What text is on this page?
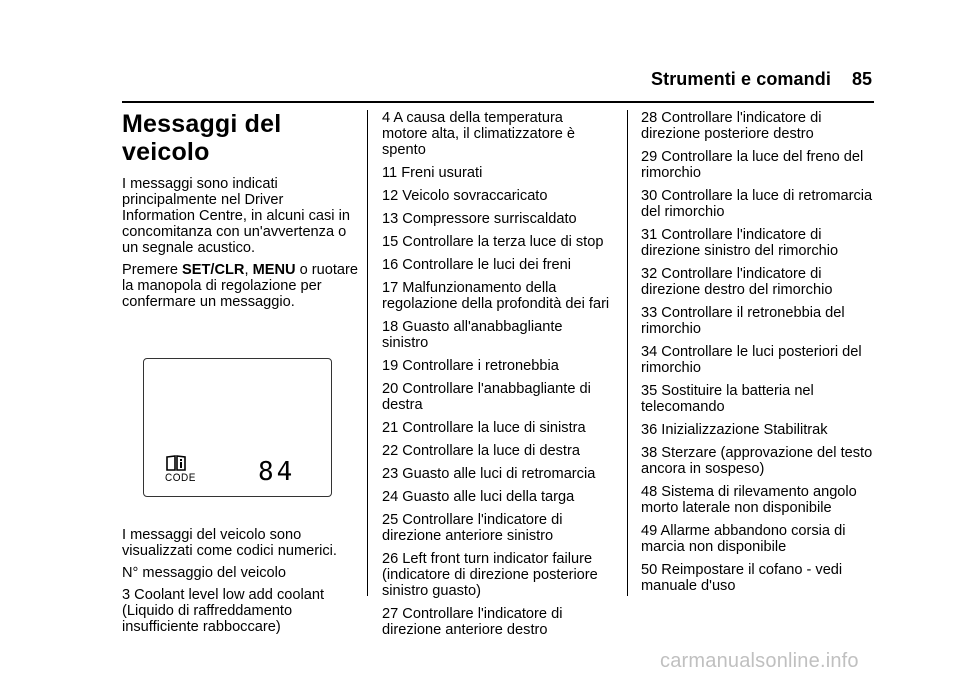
Strumenti e comandi 85
Messaggi del veicolo

I messaggi sono indicati principalmente nel Driver Information Centre, in alcuni casi in concomitanza con un'avvertenza o un segnale acustico.

Premere SET/CLR, MENU o ruotare la manopola di regolazione per confermare un messaggio.

CODE 84

I messaggi del veicolo sono visualizzati come codici numerici.

N° messaggio del veicolo

3 Coolant level low add coolant (Liquido di raffreddamento insufficiente rabboccare)

4 A causa della temperatura motore alta, il climatizzatore è spento

11 Freni usurati

12 Veicolo sovraccaricato

13 Compressore surriscaldato

15 Controllare la terza luce di stop

16 Controllare le luci dei freni

17 Malfunzionamento della regolazione della profondità dei fari

18 Guasto all'anabbagliante sinistro

19 Controllare i retronebbia

20 Controllare l'anabbagliante di destra

21 Controllare la luce di sinistra

22 Controllare la luce di destra

23 Guasto alle luci di retromarcia

24 Guasto alle luci della targa

25 Controllare l'indicatore di direzione anteriore sinistro

26 Left front turn indicator failure (indicatore di direzione posteriore sinistro guasto)

27 Controllare l'indicatore di direzione anteriore destro

28 Controllare l'indicatore di direzione posteriore destro

29 Controllare la luce del freno del rimorchio

30 Controllare la luce di retromarcia del rimorchio

31 Controllare l'indicatore di direzione sinistro del rimorchio

32 Controllare l'indicatore di direzione destro del rimorchio

33 Controllare il retronebbia del rimorchio

34 Controllare le luci posteriori del rimorchio

35 Sostituire la batteria nel telecomando

36 Inizializzazione Stabilitrak

38 Sterzare (approvazione del testo ancora in sospeso)

48 Sistema di rilevamento angolo morto laterale non disponibile

49 Allarme abbandono corsia di marcia non disponibile

50 Reimpostare il cofano - vedi manuale d'uso

carmanualsonline.info
